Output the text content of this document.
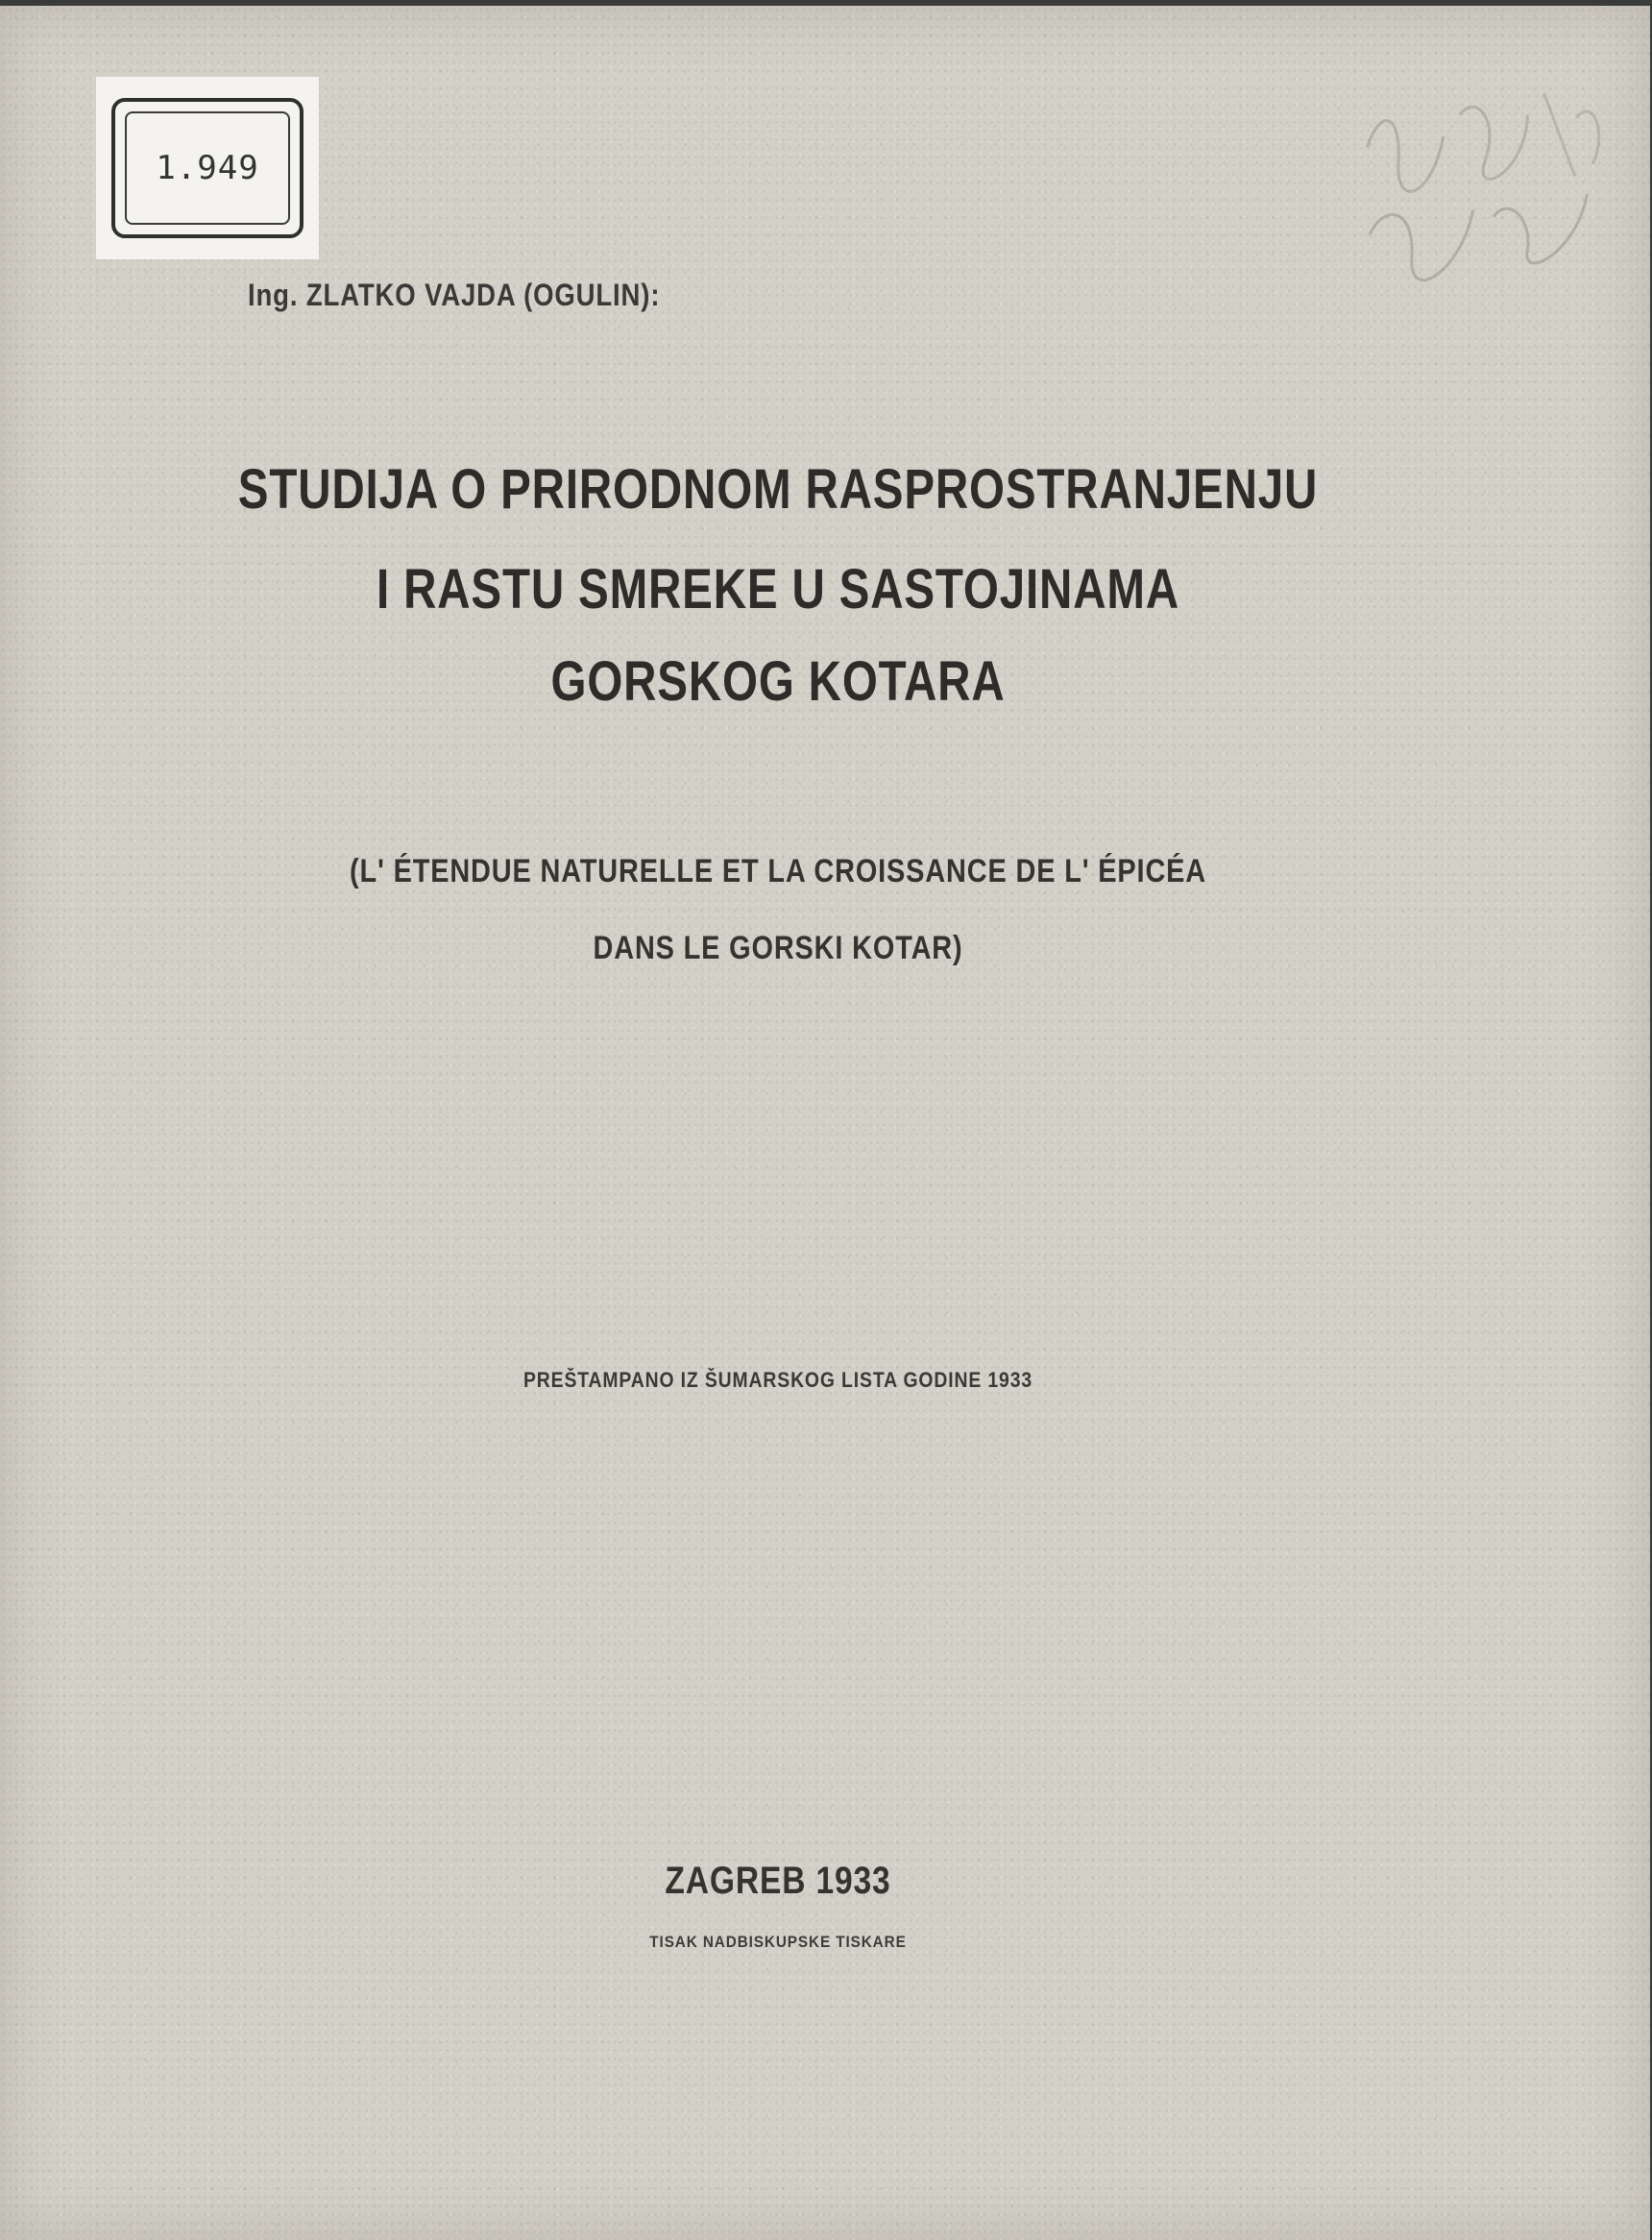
1.949
Ing. ZLATKO VAJDA (OGULIN):
STUDIJA O PRIRODNOM RASPROSTRANJENJU
I RASTU SMREKE U SASTOJINAMA
GORSKOG KOTARA
(L' ÉTENDUE NATURELLE ET LA CROISSANCE DE L' ÉPICÉA
DANS LE GORSKI KOTAR)
PREŠTAMPANO IZ ŠUMARSKOG LISTA GODINE 1933
ZAGREB 1933
TISAK NADBISKUPSKE TISKARE
